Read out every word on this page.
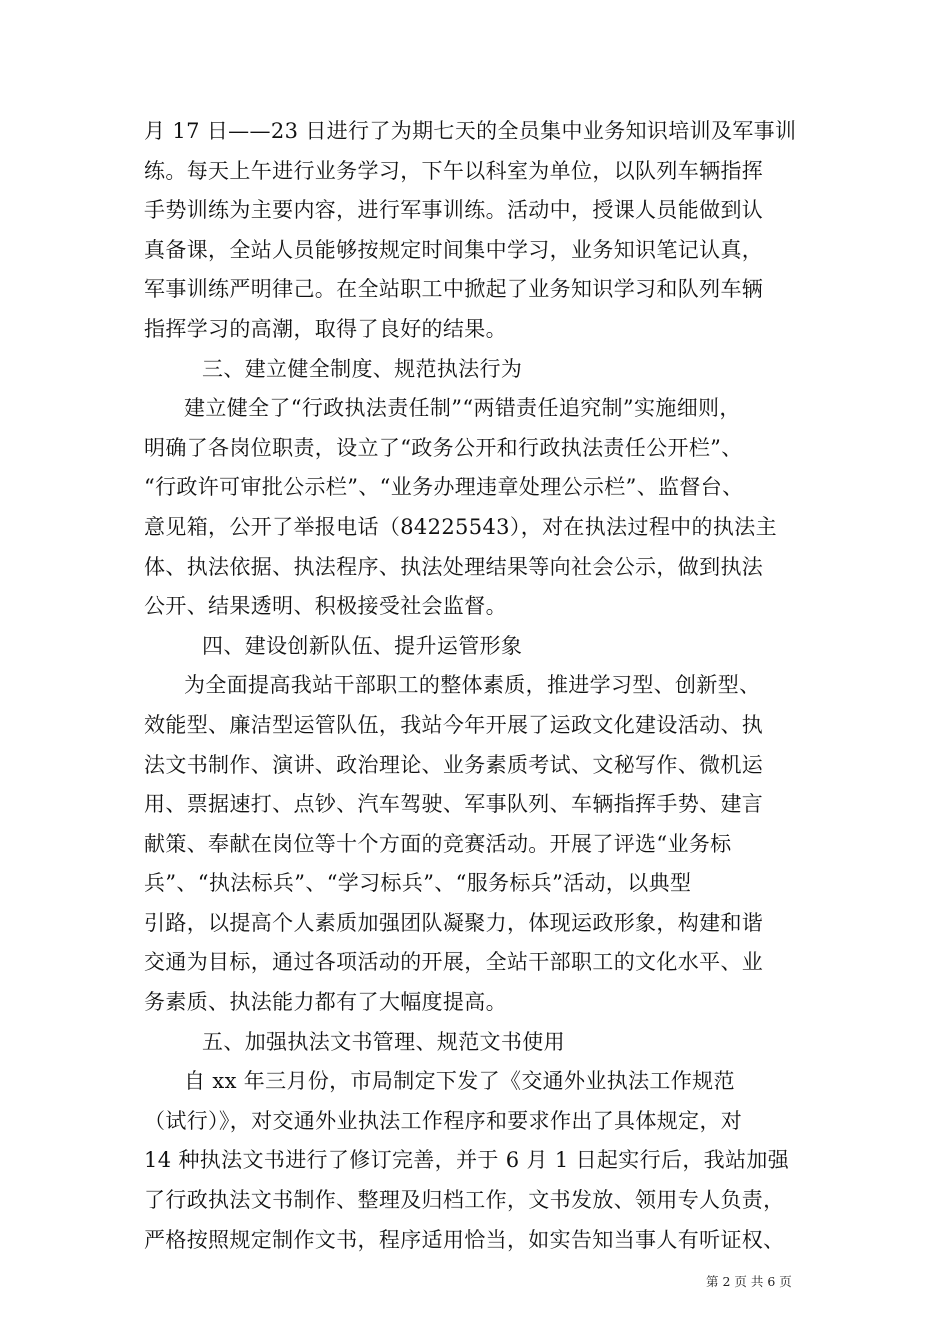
月 17 日——23 日进行了为期七天的全员集中业务知识培训及军事训
练。每天上午进行业务学习，下午以科室为单位，以队列车辆指挥
手势训练为主要内容，进行军事训练。活动中，授课人员能做到认
真备课，全站人员能够按规定时间集中学习，业务知识笔记认真，
军事训练严明律己。在全站职工中掀起了业务知识学习和队列车辆
指挥学习的高潮，取得了良好的结果。
三、建立健全制度、规范执法行为
建立健全了“行政执法责任制”“两错责任追究制”实施细则，
明确了各岗位职责，设立了“政务公开和行政执法责任公开栏”、
“行政许可审批公示栏”、“业务办理违章处理公示栏”、监督台、
意见箱，公开了举报电话（84225543），对在执法过程中的执法主
体、执法依据、执法程序、执法处理结果等向社会公示，做到执法
公开、结果透明、积极接受社会监督。
四、建设创新队伍、提升运管形象
为全面提高我站干部职工的整体素质，推进学习型、创新型、
效能型、廉洁型运管队伍，我站今年开展了运政文化建设活动、执
法文书制作、演讲、政治理论、业务素质考试、文秘写作、微机运
用、票据速打、点钞、汽车驾驶、军事队列、车辆指挥手势、建言
献策、奉献在岗位等十个方面的竞赛活动。开展了评选“业务标
兵”、“执法标兵”、“学习标兵”、“服务标兵”活动，以典型
引路，以提高个人素质加强团队凝聚力，体现运政形象，构建和谐
交通为目标，通过各项活动的开展，全站干部职工的文化水平、业
务素质、执法能力都有了大幅度提高。
五、加强执法文书管理、规范文书使用
自 xx 年三月份，市局制定下发了《交通外业执法工作规范
（试行）》，对交通外业执法工作程序和要求作出了具体规定，对
14 种执法文书进行了修订完善，并于 6 月 1 日起实行后，我站加强
了行政执法文书制作、整理及归档工作，文书发放、领用专人负责，
严格按照规定制作文书，程序适用恰当，如实告知当事人有听证权、
第 2 页 共 6 页
